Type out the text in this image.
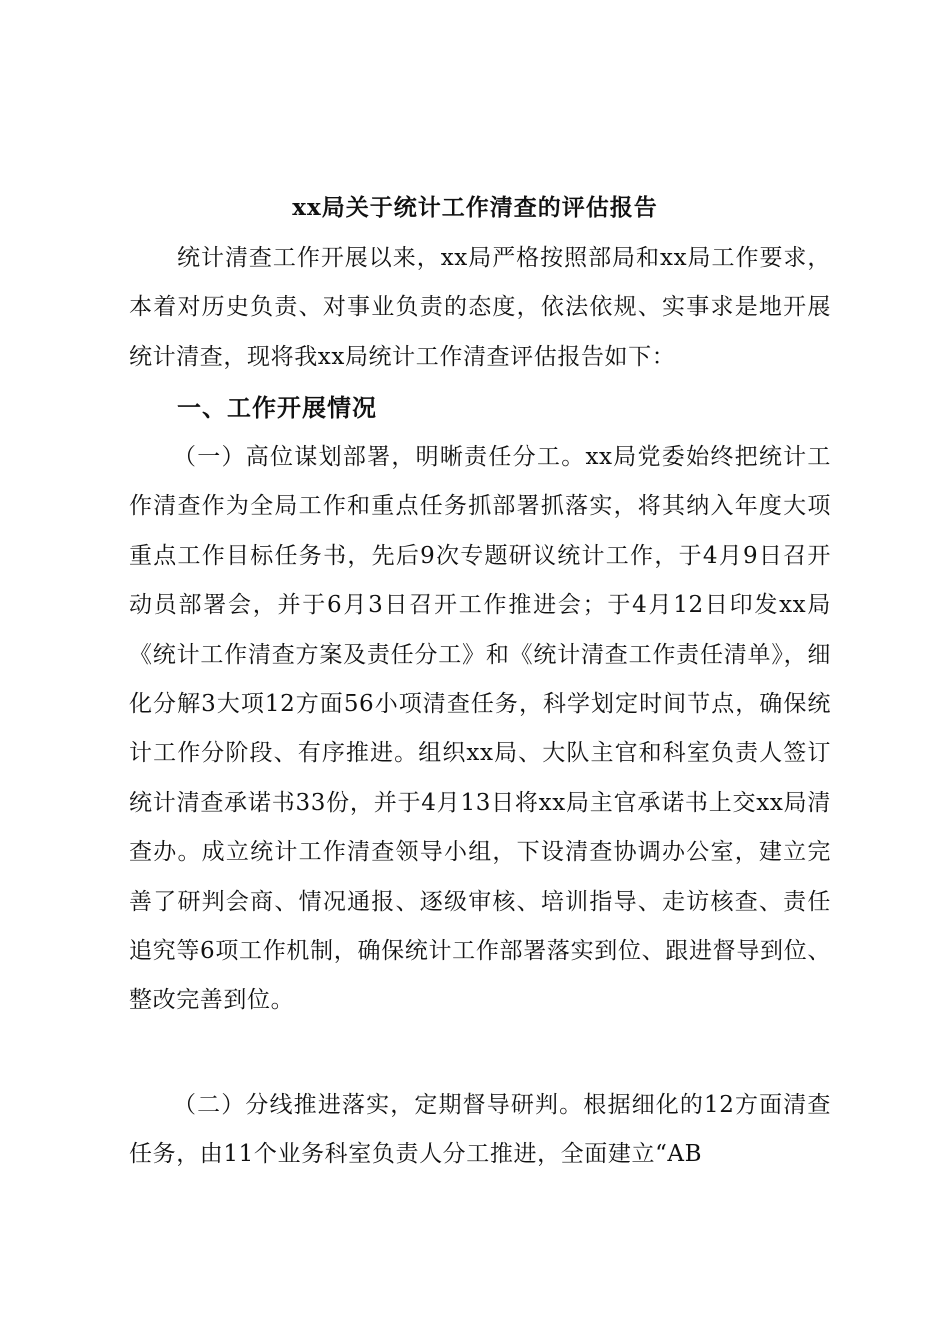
xx局关于统计工作清查的评估报告

统计清查工作开展以来，xx局严格按照部局和xx局工作要求，本着对历史负责、对事业负责的态度，依法依规、实事求是地开展统计清查，现将我xx局统计工作清查评估报告如下：

一、工作开展情况

（一）高位谋划部署，明晰责任分工。xx局党委始终把统计工作清查作为全局工作和重点任务抓部署抓落实，将其纳入年度大项重点工作目标任务书，先后9次专题研议统计工作，于4月9日召开动员部署会，并于6月3日召开工作推进会；于4月12日印发xx局《统计工作清查方案及责任分工》和《统计清查工作责任清单》，细化分解3大项12方面56小项清查任务，科学划定时间节点，确保统计工作分阶段、有序推进。组织xx局、大队主官和科室负责人签订统计清查承诺书33份，并于4月13日将xx局主官承诺书上交xx局清查办。成立统计工作清查领导小组，下设清查协调办公室，建立完善了研判会商、情况通报、逐级审核、培训指导、走访核查、责任追究等6项工作机制，确保统计工作部署落实到位、跟进督导到位、整改完善到位。

（二）分线推进落实，定期督导研判。根据细化的12方面清查任务，由11个业务科室负责人分工推进，全面建立“AB
